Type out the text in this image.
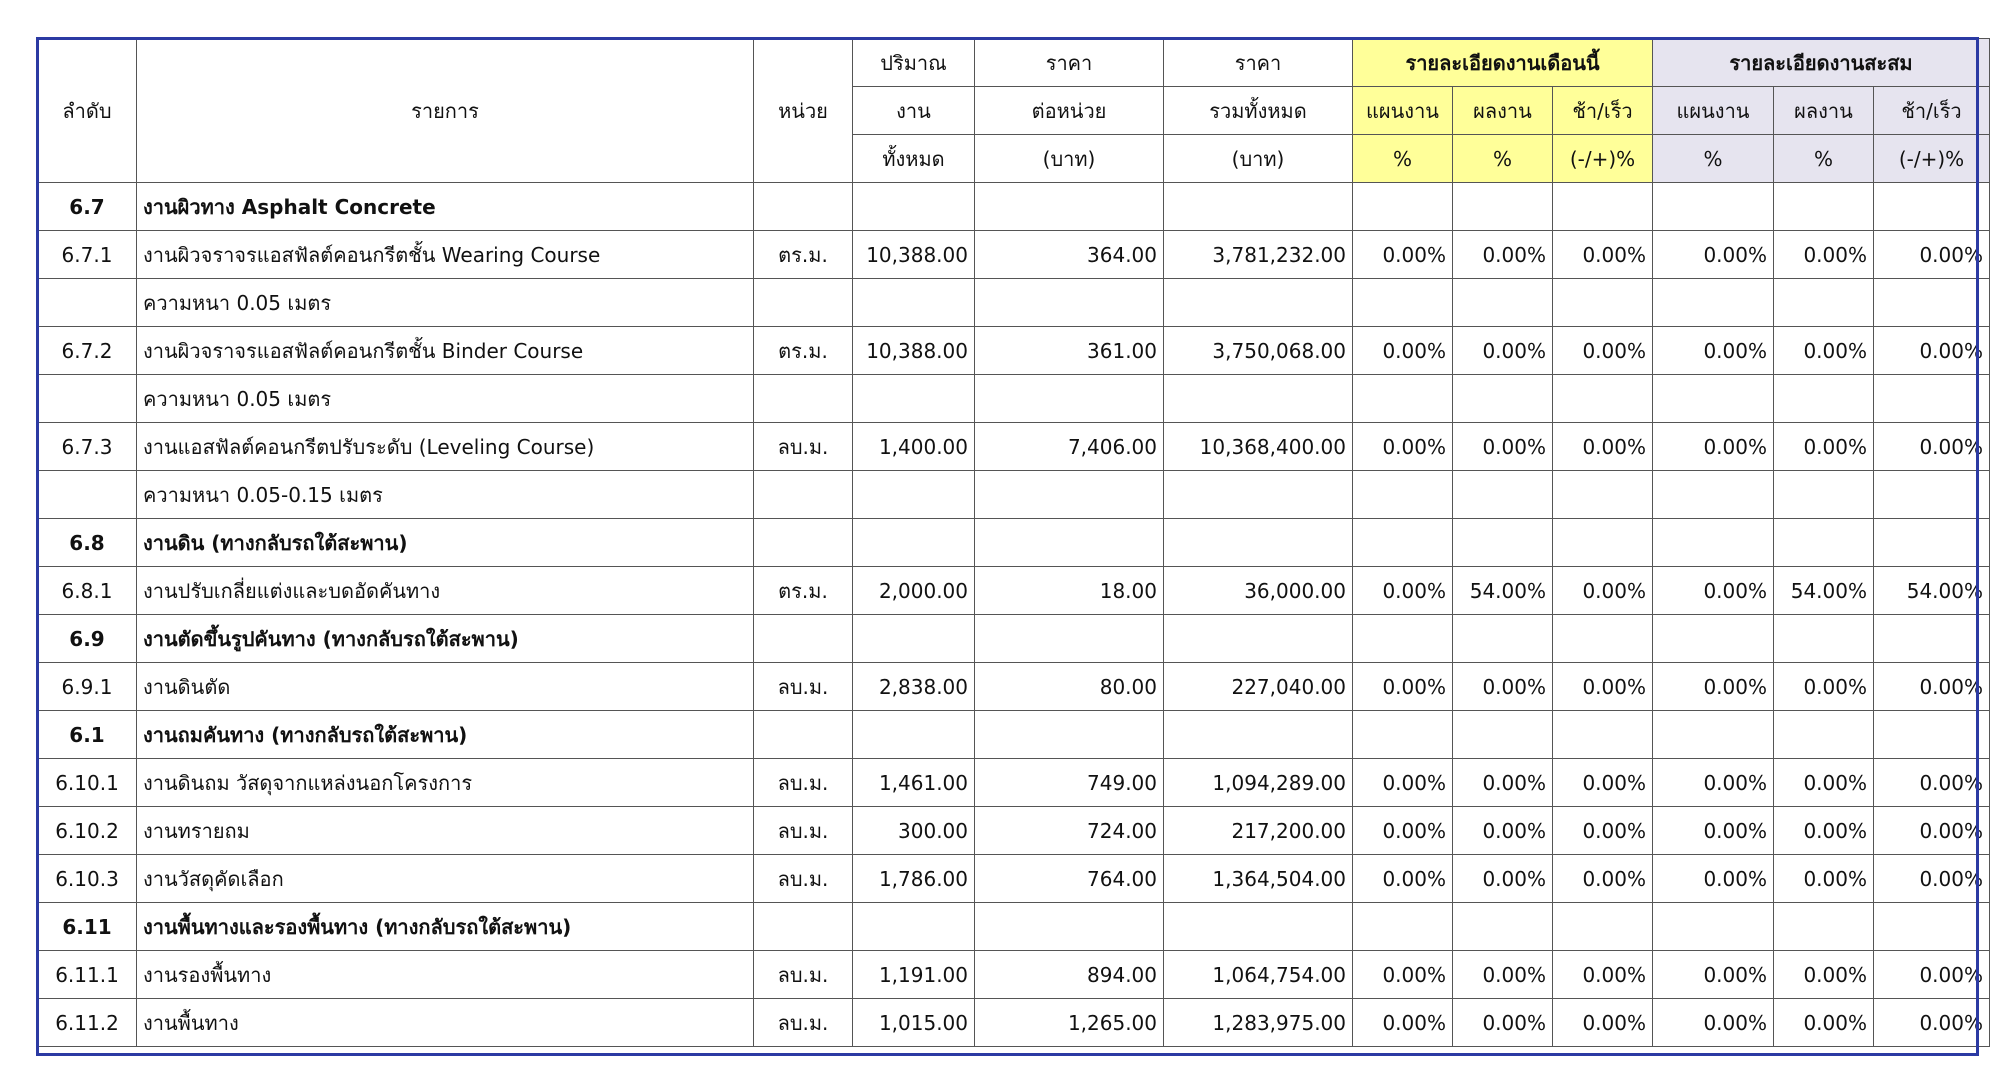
ลำดับ	รายการ	หน่วย	ปริมาณ	ราคา	ราคา	รายละเอียดงานเดือนนี้			รายละเอียดงานสะสม		
			งาน	ต่อหน่วย	รวมทั้งหมด	แผนงาน	ผลงาน	ช้า/เร็ว	แผนงาน	ผลงาน	ช้า/เร็ว
			ทั้งหมด	(บาท)	(บาท)	%	%	(-/+)%	%	%	(-/+)%
6.7	งานผิวทาง Asphalt Concrete										
6.7.1	งานผิวจราจรแอสฟัลต์คอนกรีตชั้น Wearing Course	ตร.ม.	10,388.00	364.00	3,781,232.00	0.00%	0.00%	0.00%	0.00%	0.00%	0.00%
	ความหนา 0.05 เมตร										
6.7.2	งานผิวจราจรแอสฟัลต์คอนกรีตชั้น Binder Course	ตร.ม.	10,388.00	361.00	3,750,068.00	0.00%	0.00%	0.00%	0.00%	0.00%	0.00%
	ความหนา 0.05 เมตร										
6.7.3	งานแอสฟัลต์คอนกรีตปรับระดับ (Leveling Course)	ลบ.ม.	1,400.00	7,406.00	10,368,400.00	0.00%	0.00%	0.00%	0.00%	0.00%	0.00%
	ความหนา 0.05-0.15 เมตร										
6.8	งานดิน (ทางกลับรถใต้สะพาน)										
6.8.1	งานปรับเกลี่ยแต่งและบดอัดคันทาง	ตร.ม.	2,000.00	18.00	36,000.00	0.00%	54.00%	0.00%	0.00%	54.00%	54.00%
6.9	งานตัดขึ้นรูปคันทาง (ทางกลับรถใต้สะพาน)										
6.9.1	งานดินตัด	ลบ.ม.	2,838.00	80.00	227,040.00	0.00%	0.00%	0.00%	0.00%	0.00%	0.00%
6.1	งานถมคันทาง (ทางกลับรถใต้สะพาน)										
6.10.1	งานดินถม วัสดุจากแหล่งนอกโครงการ	ลบ.ม.	1,461.00	749.00	1,094,289.00	0.00%	0.00%	0.00%	0.00%	0.00%	0.00%
6.10.2	งานทรายถม	ลบ.ม.	300.00	724.00	217,200.00	0.00%	0.00%	0.00%	0.00%	0.00%	0.00%
6.10.3	งานวัสดุคัดเลือก	ลบ.ม.	1,786.00	764.00	1,364,504.00	0.00%	0.00%	0.00%	0.00%	0.00%	0.00%
6.11	งานพื้นทางและรองพื้นทาง (ทางกลับรถใต้สะพาน)										
6.11.1	งานรองพื้นทาง	ลบ.ม.	1,191.00	894.00	1,064,754.00	0.00%	0.00%	0.00%	0.00%	0.00%	0.00%
6.11.2	งานพื้นทาง	ลบ.ม.	1,015.00	1,265.00	1,283,975.00	0.00%	0.00%	0.00%	0.00%	0.00%	0.00%
